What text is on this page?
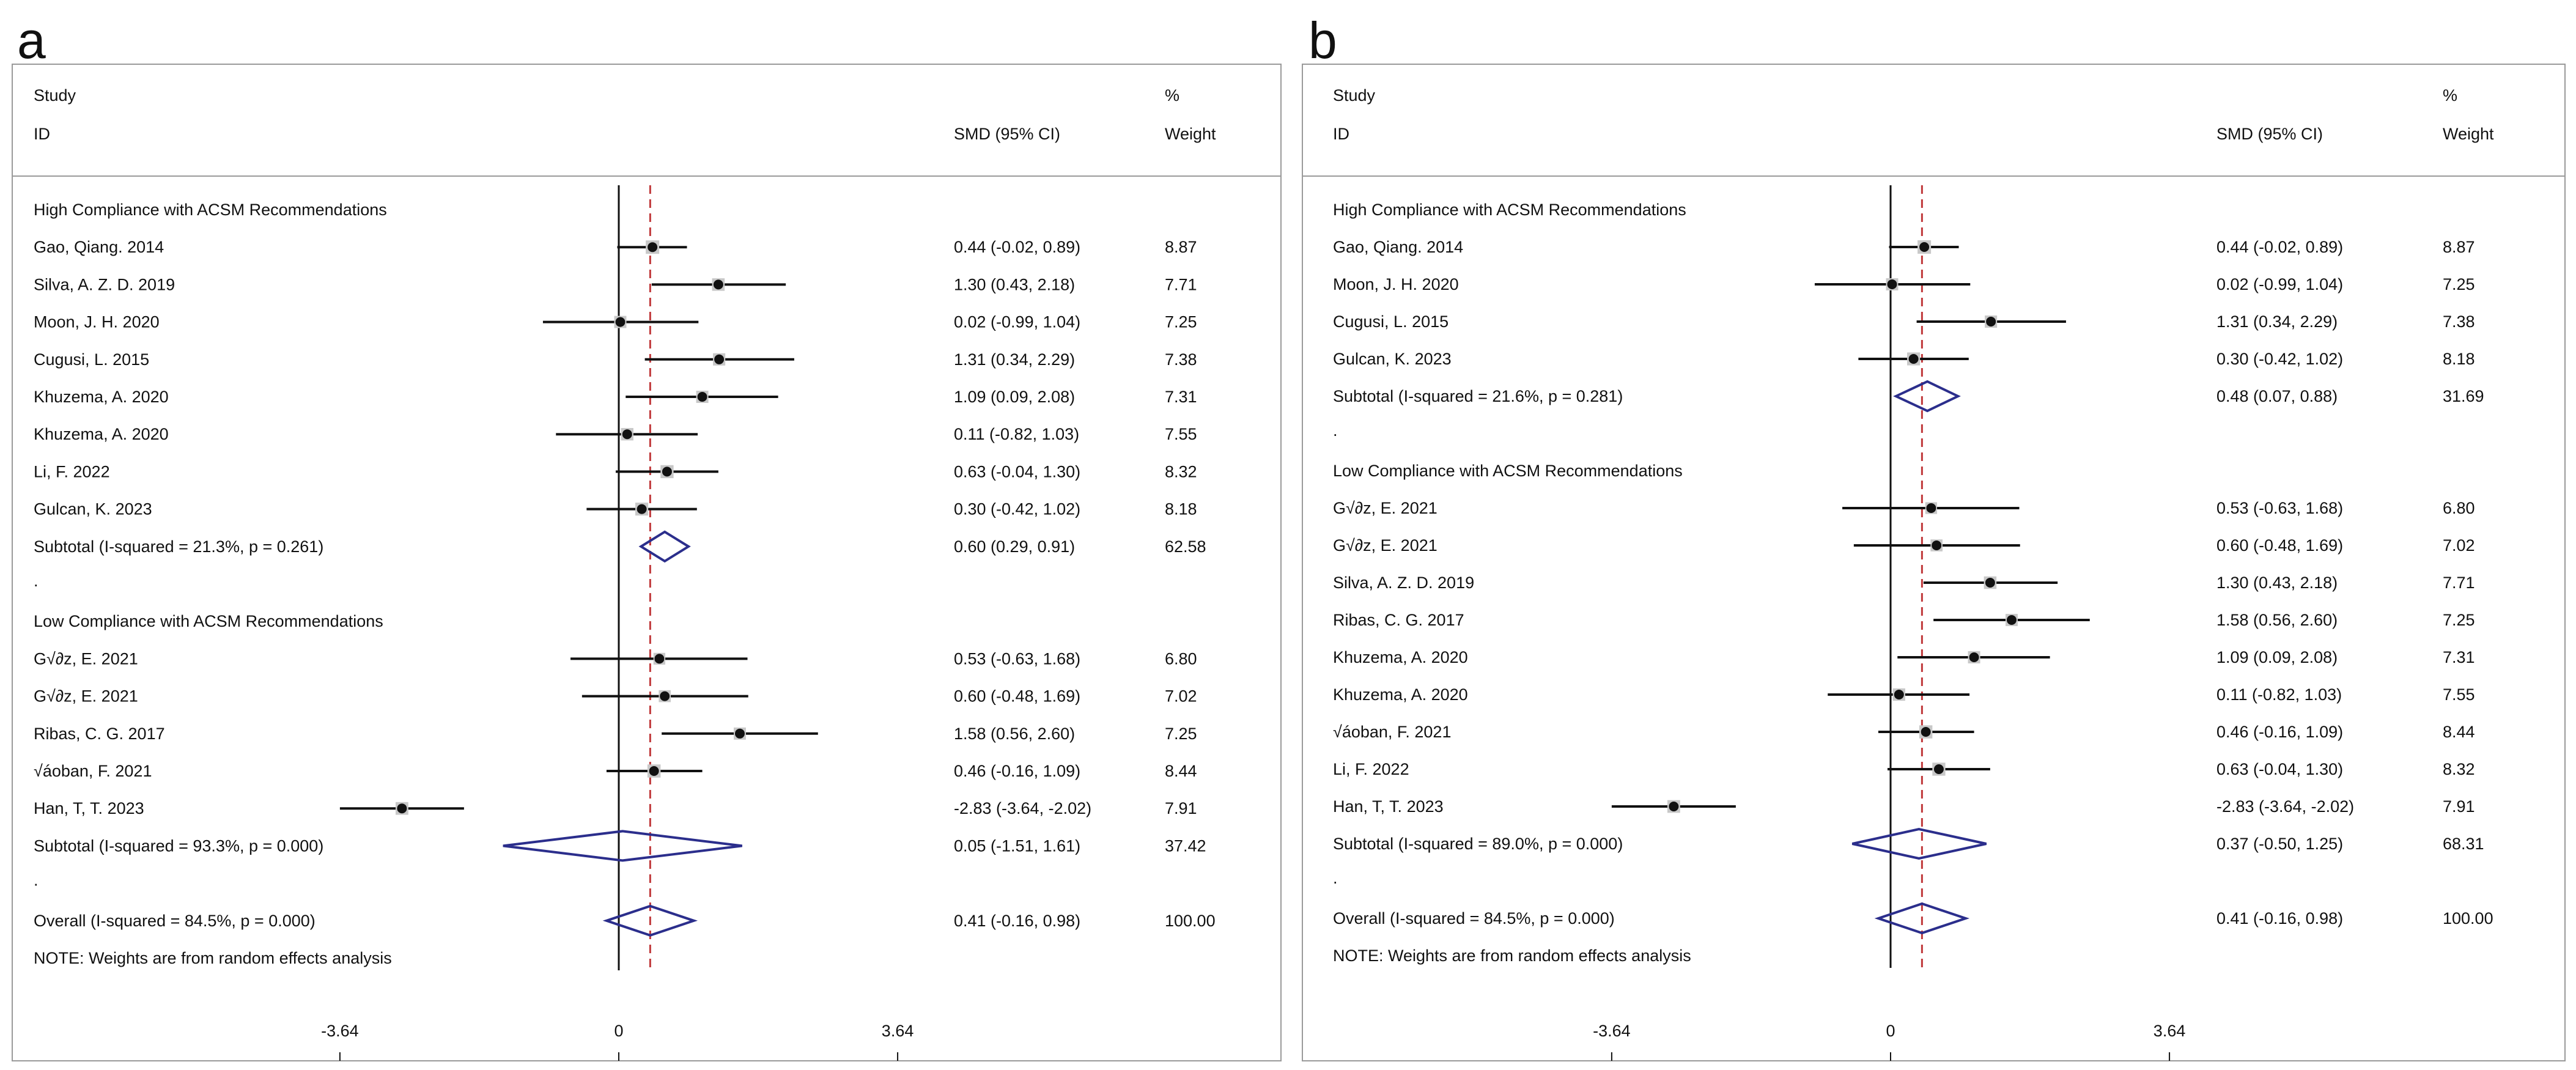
a
Study
ID	SMD (95% CI)
%
Weight
High Compliance with ACSM Recommendations
Gao, Qiang. 2014	0.44 (-0.02, 0.89)	8.87
Silva, A. Z. D. 2019	1.30 (0.43, 2.18)	7.71
Moon, J. H. 2020	0.02 (-0.99, 1.04)	7.25
Cugusi, L. 2015	1.31 (0.34, 2.29)	7.38
Khuzema, A. 2020	1.09 (0.09, 2.08)	7.31
Khuzema, A. 2020	0.11 (-0.82, 1.03)	7.55
Li, F. 2022	0.63 (-0.04, 1.30)	8.32
Gulcan, K. 2023	0.30 (-0.42, 1.02)	8.18
Subtotal (I-squared = 21.3%, p = 0.261)	0.60 (0.29, 0.91)	62.58
.
Low Compliance with ACSM Recommendations
G√∂z, E. 2021	0.53 (-0.63, 1.68)	6.80
G√∂z, E. 2021	0.60 (-0.48, 1.69)	7.02
Ribas, C. G. 2017	1.58 (0.56, 2.60)	7.25
√áoban, F. 2021	0.46 (-0.16, 1.09)	8.44
Han, T, T. 2023	-2.83 (-3.64, -2.02)	7.91
Subtotal (I-squared = 93.3%, p = 0.000)	0.05 (-1.51, 1.61)	37.42
.
Overall (I-squared = 84.5%, p = 0.000)	0.41 (-0.16, 0.98)	100.00
NOTE: Weights are from random effects analysis
-3.64	0	3.64
b
Study
ID	SMD (95% CI)
%
Weight
High Compliance with ACSM Recommendations
Gao, Qiang. 2014	0.44 (-0.02, 0.89)	8.87
Moon, J. H. 2020	0.02 (-0.99, 1.04)	7.25
Cugusi, L. 2015	1.31 (0.34, 2.29)	7.38
Gulcan, K. 2023	0.30 (-0.42, 1.02)	8.18
Subtotal (I-squared = 21.6%, p = 0.281)	0.48 (0.07, 0.88)	31.69
.
Low Compliance with ACSM Recommendations
G√∂z, E. 2021	0.53 (-0.63, 1.68)	6.80
G√∂z, E. 2021	0.60 (-0.48, 1.69)	7.02
Silva, A. Z. D. 2019	1.30 (0.43, 2.18)	7.71
Ribas, C. G. 2017	1.58 (0.56, 2.60)	7.25
Khuzema, A. 2020	1.09 (0.09, 2.08)	7.31
Khuzema, A. 2020	0.11 (-0.82, 1.03)	7.55
√áoban, F. 2021	0.46 (-0.16, 1.09)	8.44
Li, F. 2022	0.63 (-0.04, 1.30)	8.32
Han, T, T. 2023	-2.83 (-3.64, -2.02)	7.91
Subtotal (I-squared = 89.0%, p = 0.000)	0.37 (-0.50, 1.25)	68.31
.
Overall (I-squared = 84.5%, p = 0.000)	0.41 (-0.16, 0.98)	100.00
NOTE: Weights are from random effects analysis
-3.64	0	3.64
